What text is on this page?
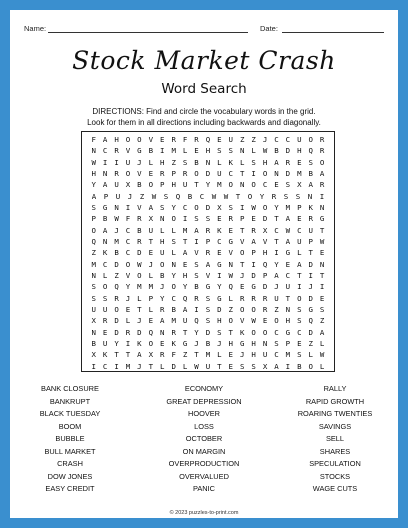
Name:	Date:
Stock Market Crash
Word Search
DIRECTIONS: Find and circle the vocabulary words in the grid.
Look for them in all directions including backwards and diagonally.
F A H O O V E R F R Q E U Z Z J C C U O R
N C R V G B I M L E H S S N L W B D H Q R
W I I U J L H Z S B N L K L S H A R E S O
H N R O V E R P R O D U C T I O N D M B A
Y A U X B O P H U T Y M O N O C E S X A R
A	P	U	J	Z	W	S	Q	B	C	W	W	T	O	Y	R	S	S	N	I
S G N I V A S Y C O D X S I W O Y M P K N
P B W F R X N O I S S E R P E D T A E R G
O A J C B U L L M A R K E T R X C W C U T
Q N M C R T H S T I P C G V A V T A U P W
Z K B C D E U L A V R E V O P H I G L T E
M C D O W J O N E S A G N T I Q Y E A D N
N L Z V O L B Y H S V I W J D P A C T I T
S O Q Y M M J O Y B G Y Q E G D J U I J I
S S R J L P Y C Q R S G L R R R U T O D E
U U O E T L R B A I S D Z O O R Z N S G S
X R D L J E A M U Q S H O V W E O H S Q Z
N E D R D Q N R T Y D S T K O O C G C D A
B U Y I K O E K G J B J H G H N S P E Z L
X K T T A X R F Z T M L E J H U C M S L W
I C I M J T L D L W U T E S S X A I B O L
BANK CLOSURE
BANKRUPT
BLACK TUESDAY
BOOM
BUBBLE
BULL MARKET
CRASH
DOW JONES
EASY CREDIT
ECONOMY
GREAT DEPRESSION
HOOVER
LOSS
OCTOBER
ON MARGIN
OVERPRODUCTION
OVERVALUED
PANIC
RALLY
RAPID GROWTH
ROARING TWENTIES
SAVINGS
SELL
SHARES
SPECULATION
STOCKS
WAGE CUTS
© 2023 puzzles-to-print.com
